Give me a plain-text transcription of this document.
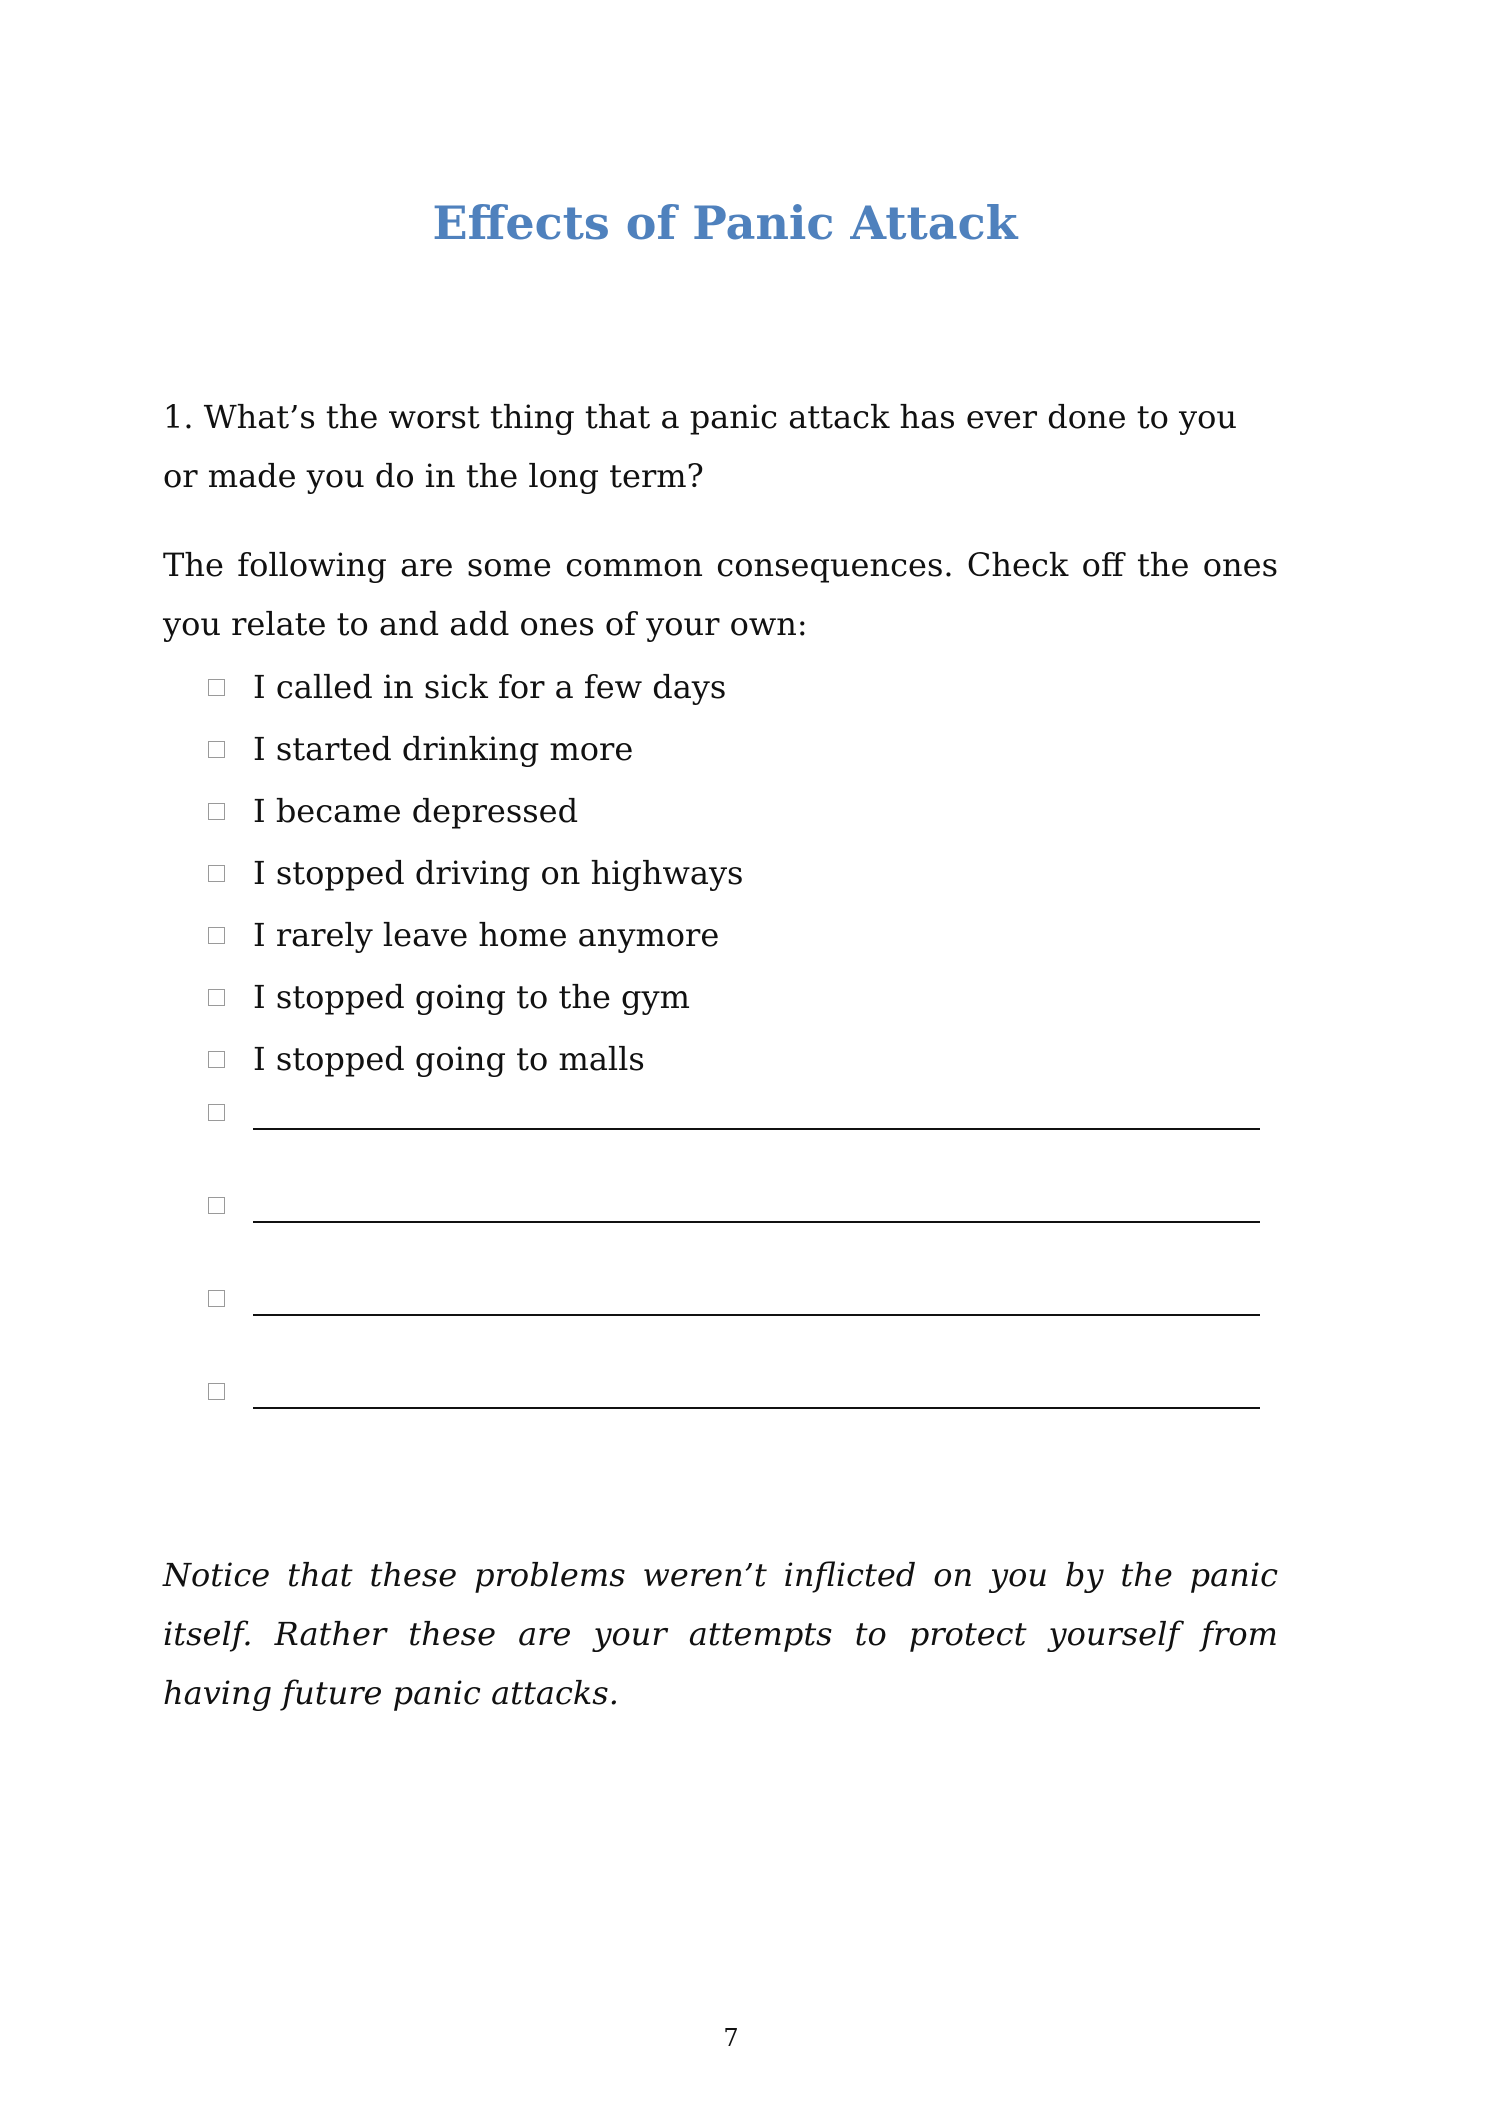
Effects of Panic Attack

1. What’s the worst thing that a panic attack has ever done to you or made you do in the long term?

The following are some common consequences. Check off the ones you relate to and add ones of your own:

I called in sick for a few days
I started drinking more
I became depressed
I stopped driving on highways
I rarely leave home anymore
I stopped going to the gym
I stopped going to malls

Notice that these problems weren’t inflicted on you by the panic itself. Rather these are your attempts to protect yourself from having future panic attacks.

7
